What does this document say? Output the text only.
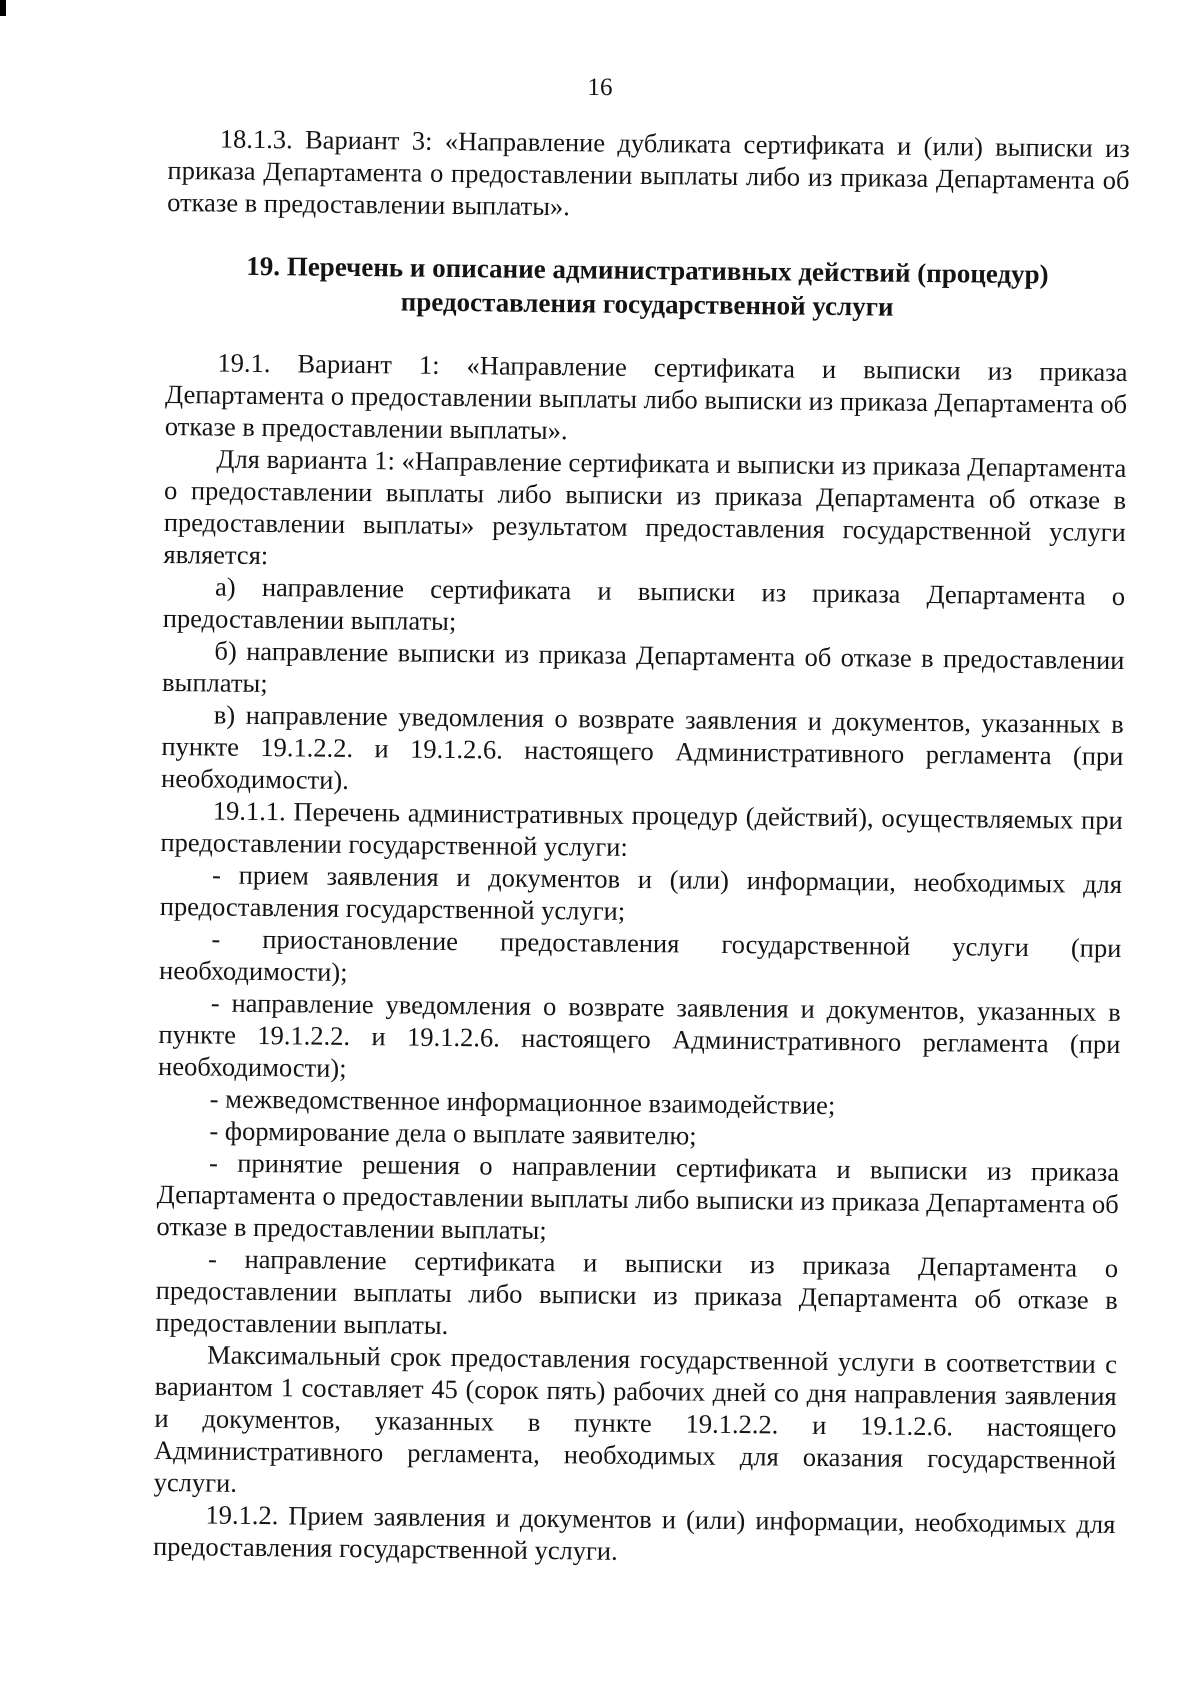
16

18.1.3. Вариант 3: «Направление дубликата сертификата и (или) выписки из приказа Департамента о предоставлении выплаты либо из приказа Департамента об отказе в предоставлении выплаты».

19. Перечень и описание административных действий (процедур)
предоставления государственной услуги

19.1. Вариант 1: «Направление сертификата и выписки из приказа Департамента о предоставлении выплаты либо выписки из приказа Департамента об отказе в предоставлении выплаты».

Для варианта 1: «Направление сертификата и выписки из приказа Департамента о предоставлении выплаты либо выписки из приказа Департамента об отказе в предоставлении выплаты» результатом предоставления государственной услуги является:

а) направление сертификата и выписки из приказа Департамента о предоставлении выплаты;

б) направление выписки из приказа Департамента об отказе в предоставлении выплаты;

в) направление уведомления о возврате заявления и документов, указанных в пункте 19.1.2.2. и 19.1.2.6. настоящего Административного регламента (при необходимости).

19.1.1. Перечень административных процедур (действий), осуществляемых при предоставлении государственной услуги:

- прием заявления и документов и (или) информации, необходимых для предоставления государственной услуги;

- приостановление предоставления государственной услуги (при необходимости);

- направление уведомления о возврате заявления и документов, указанных в пункте 19.1.2.2. и 19.1.2.6. настоящего Административного регламента (при необходимости);

- межведомственное информационное взаимодействие;

- формирование дела о выплате заявителю;

- принятие решения о направлении сертификата и выписки из приказа Департамента о предоставлении выплаты либо выписки из приказа Департамента об отказе в предоставлении выплаты;

- направление сертификата и выписки из приказа Департамента о предоставлении выплаты либо выписки из приказа Департамента об отказе в предоставлении выплаты.

Максимальный срок предоставления государственной услуги в соответствии с вариантом 1 составляет 45 (сорок пять) рабочих дней со дня направления заявления и документов, указанных в пункте 19.1.2.2. и 19.1.2.6. настоящего Административного регламента, необходимых для оказания государственной услуги.

19.1.2. Прием заявления и документов и (или) информации, необходимых для предоставления государственной услуги.
